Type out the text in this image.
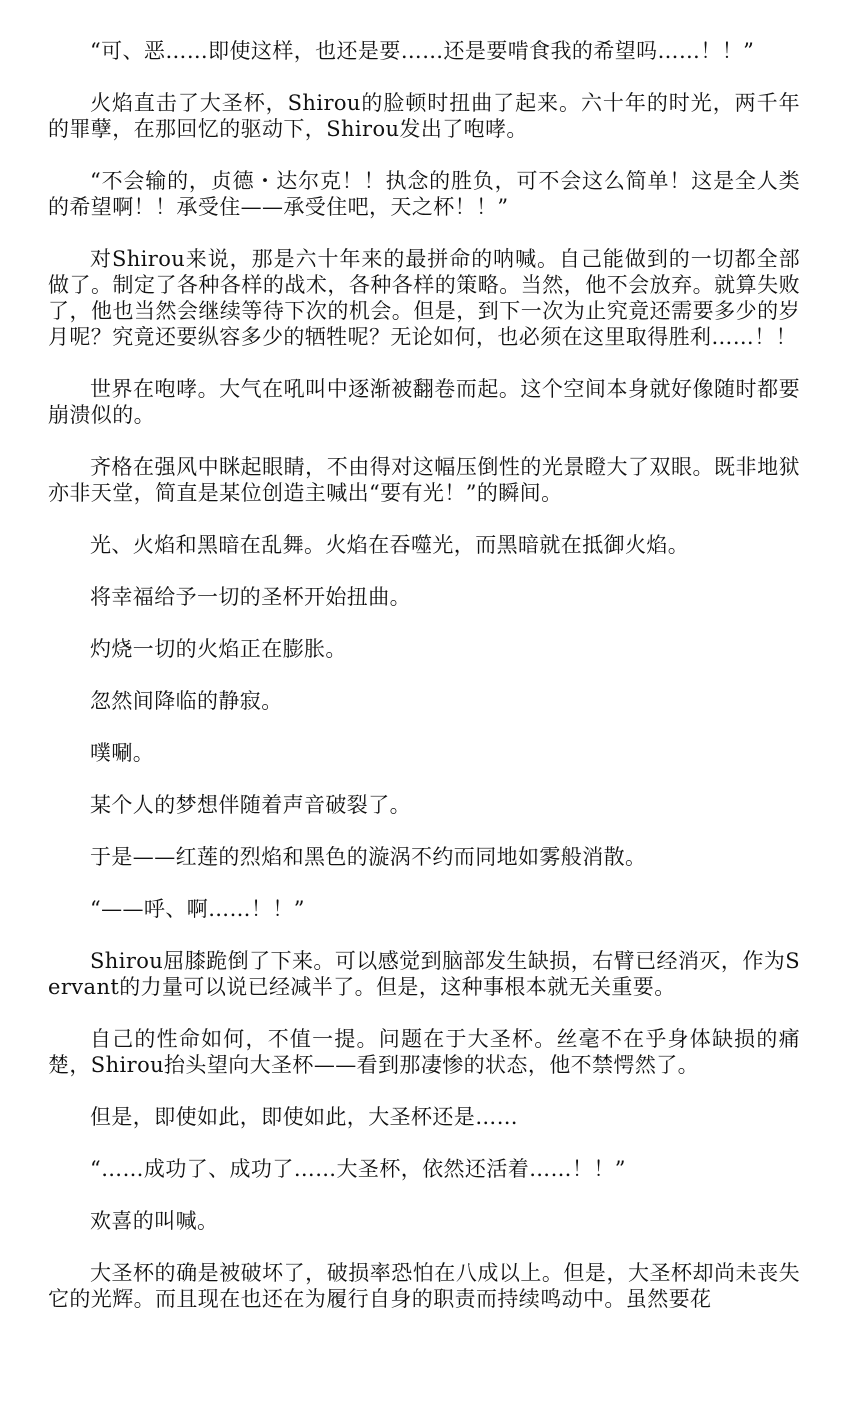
“可、恶……即使这样，也还是要……还是要啃食我的希望吗……！！”

火焰直击了大圣杯，Shirou的脸顿时扭曲了起来。六十年的时光，两千年的罪孽，在那回忆的驱动下，Shirou发出了咆哮。

“不会输的，贞德・达尔克！！执念的胜负，可不会这么简单！这是全人类的希望啊！！承受住——承受住吧，天之杯！！”

对Shirou来说，那是六十年来的最拼命的呐喊。自己能做到的一切都全部做了。制定了各种各样的战术，各种各样的策略。当然，他不会放弃。就算失败了，他也当然会继续等待下次的机会。但是，到下一次为止究竟还需要多少的岁月呢？究竟还要纵容多少的牺牲呢？无论如何，也必须在这里取得胜利……！！

世界在咆哮。大气在吼叫中逐渐被翻卷而起。这个空间本身就好像随时都要崩溃似的。

齐格在强风中眯起眼睛，不由得对这幅压倒性的光景瞪大了双眼。既非地狱亦非天堂，简直是某位创造主喊出“要有光！”的瞬间。

光、火焰和黑暗在乱舞。火焰在吞噬光，而黑暗就在抵御火焰。

将幸福给予一切的圣杯开始扭曲。

灼烧一切的火焰正在膨胀。

忽然间降临的静寂。

噗唰。

某个人的梦想伴随着声音破裂了。

于是——红莲的烈焰和黑色的漩涡不约而同地如雾般消散。

“——呼、啊……！！”

Shirou屈膝跪倒了下来。可以感觉到脑部发生缺损，右臂已经消灭，作为Servant的力量可以说已经减半了。但是，这种事根本就无关重要。

自己的性命如何，不值一提。问题在于大圣杯。丝毫不在乎身体缺损的痛楚，Shirou抬头望向大圣杯——看到那凄惨的状态，他不禁愕然了。

但是，即使如此，即使如此，大圣杯还是……

“……成功了、成功了……大圣杯，依然还活着……！！”

欢喜的叫喊。

大圣杯的确是被破坏了，破损率恐怕在八成以上。但是，大圣杯却尚未丧失它的光辉。而且现在也还在为履行自身的职责而持续鸣动中。虽然要花
